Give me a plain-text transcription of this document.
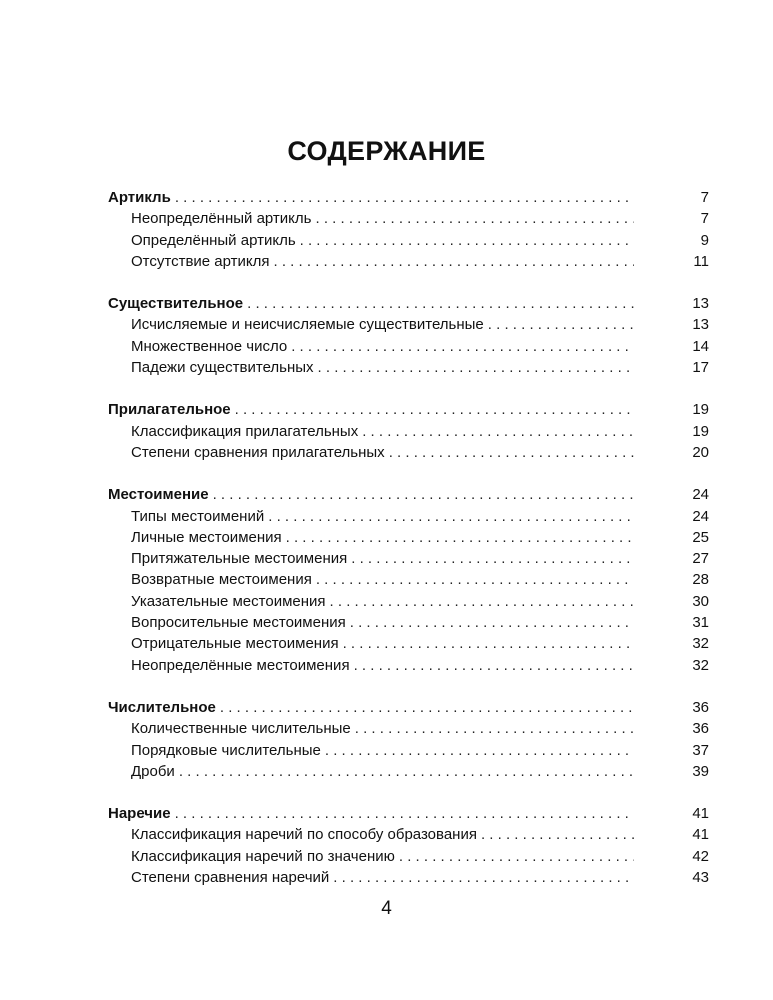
СОДЕРЖАНИЕ
Артикль . . .	7
Неопределённый артикль . . .	7
Определённый артикль . . .	9
Отсутствие артикля . . .	11
Существительное . . .	13
Исчисляемые и неисчисляемые существительные . . .	13
Множественное число . . .	14
Падежи существительных . . .	17
Прилагательное . . .	19
Классификация прилагательных . . .	19
Степени сравнения прилагательных . . .	20
Местоимение . . .	24
Типы местоимений . . .	24
Личные местоимения . . .	25
Притяжательные местоимения . . .	27
Возвратные местоимения . . .	28
Указательные местоимения . . .	30
Вопросительные местоимения . . .	31
Отрицательные местоимения . . .	32
Неопределённые местоимения . . .	32
Числительное . . .	36
Количественные числительные . . .	36
Порядковые числительные . . .	37
Дроби . . .	39
Наречие . . .	41
Классификация наречий по способу образования . . .	41
Классификация наречий по значению . . .	42
Степени сравнения наречий . . .	43
4
